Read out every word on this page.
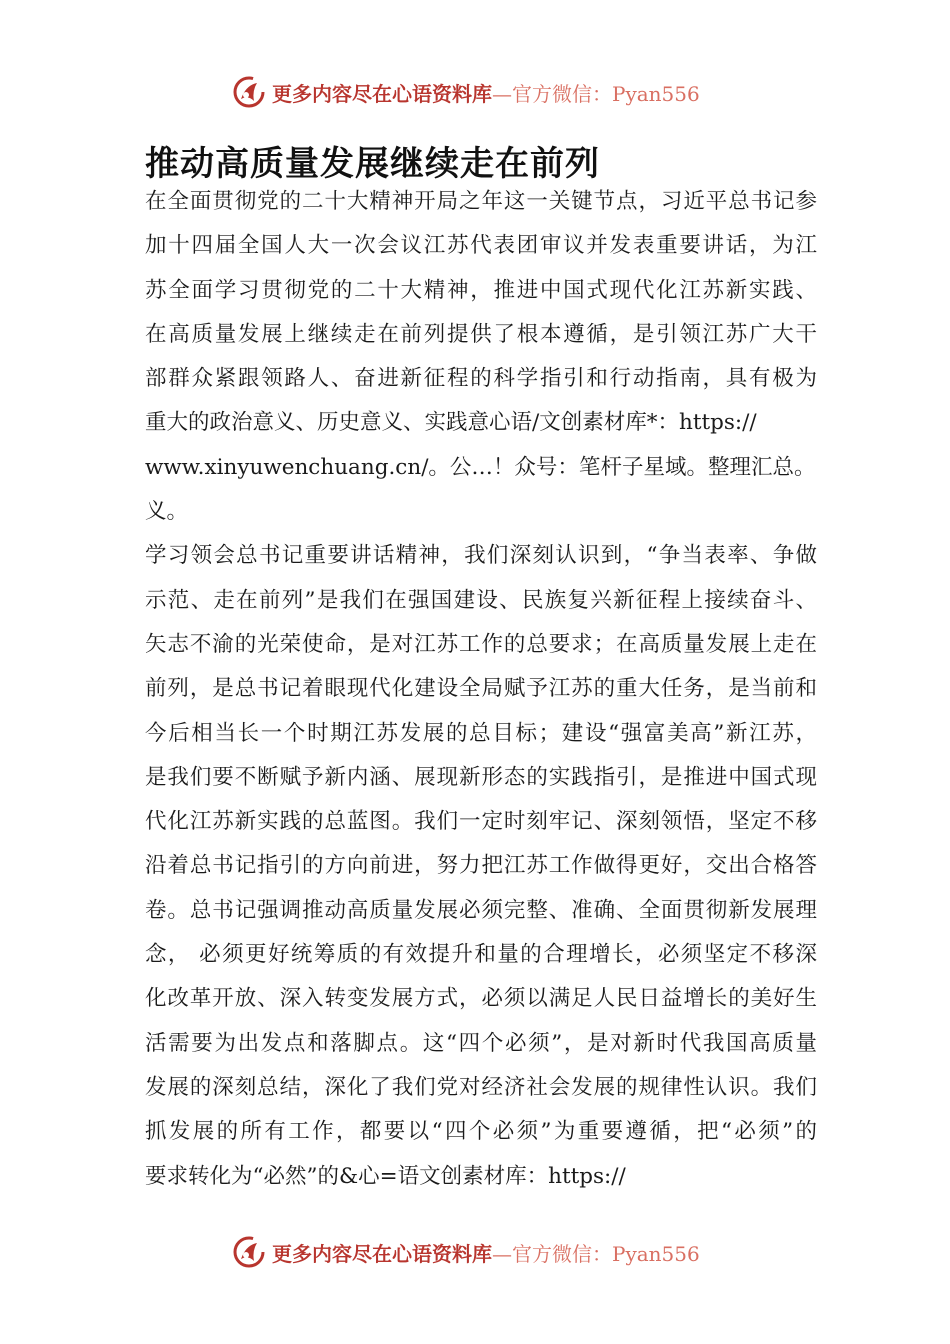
更多内容尽在心语资料库 —官方微信：Pyan556
推动高质量发展继续走在前列
在全面贯彻党的二十大精神开局之年这一关键节点，习近平总书记参
加十四届全国人大一次会议江苏代表团审议并发表重要讲话，为江
苏全面学习贯彻党的二十大精神，推进中国式现代化江苏新实践、
在高质量发展上继续走在前列提供了根本遵循，是引领江苏广大干
部群众紧跟领路人、奋进新征程的科学指引和行动指南，具有极为
重大的政治意义、历史意义、实践意心语/文创素材库*：https://
www.xinyuwenchuang.cn/。公…！众号：笔杆子星域。整理汇总。
义。
学习领会总书记重要讲话精神，我们深刻认识到，“争当表率、争做
示范、走在前列”是我们在强国建设、民族复兴新征程上接续奋斗、
矢志不渝的光荣使命，是对江苏工作的总要求；在高质量发展上走在
前列，是总书记着眼现代化建设全局赋予江苏的重大任务，是当前和
今后相当长一个时期江苏发展的总目标；建设“强富美高”新江苏，
是我们要不断赋予新内涵、展现新形态的实践指引，是推进中国式现
代化江苏新实践的总蓝图。我们一定时刻牢记、深刻领悟，坚定不移
沿着总书记指引的方向前进，努力把江苏工作做得更好，交出合格答
卷。总书记强调推动高质量发展必须完整、准确、全面贯彻新发展理
念， 必须更好统筹质的有效提升和量的合理增长，必须坚定不移深
化改革开放、深入转变发展方式，必须以满足人民日益增长的美好生
活需要为出发点和落脚点。这“四个必须”，是对新时代我国高质量
发展的深刻总结，深化了我们党对经济社会发展的规律性认识。我们
抓发展的所有工作，都要以“四个必须”为重要遵循，把“必须”的
要求转化为“必然”的&心=语文创素材库：https://
更多内容尽在心语资料库 —官方微信：Pyan556
